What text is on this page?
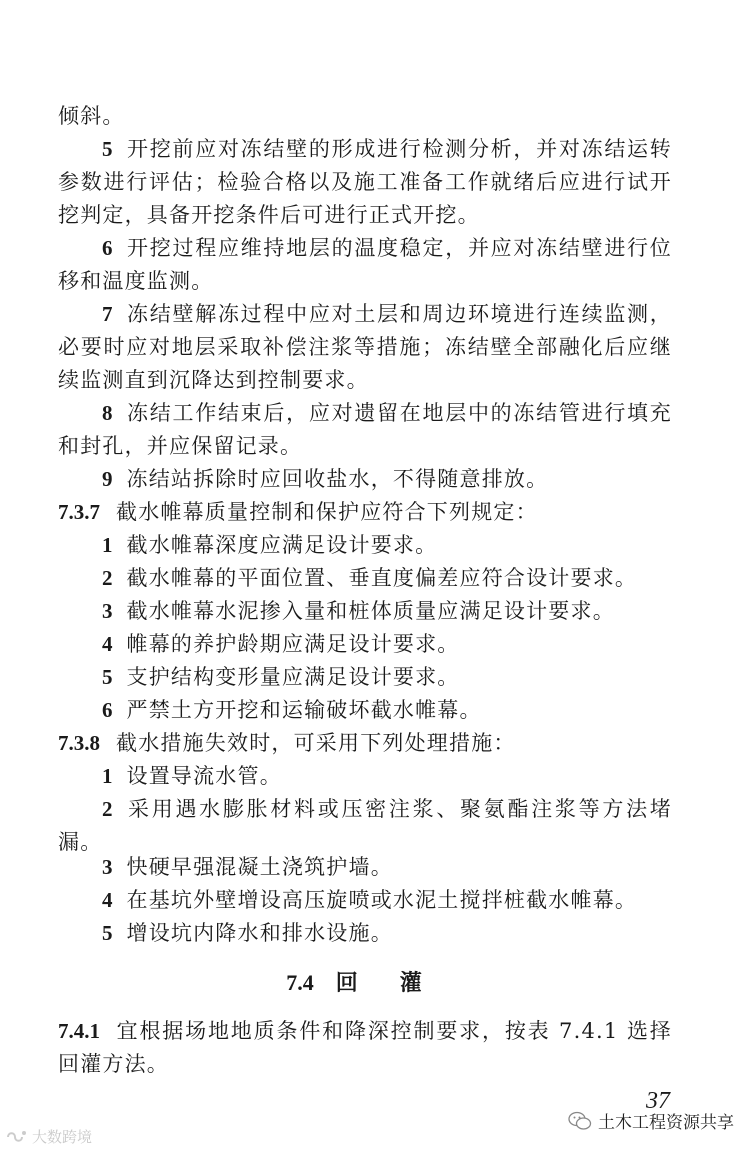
倾斜。

5 开挖前应对冻结壁的形成进行检测分析，并对冻结运转参数进行评估；检验合格以及施工准备工作就绪后应进行试开挖判定，具备开挖条件后可进行正式开挖。

6 开挖过程应维持地层的温度稳定，并应对冻结壁进行位移和温度监测。

7 冻结壁解冻过程中应对土层和周边环境进行连续监测，必要时应对地层采取补偿注浆等措施；冻结壁全部融化后应继续监测直到沉降达到控制要求。

8 冻结工作结束后，应对遗留在地层中的冻结管进行填充和封孔，并应保留记录。

9 冻结站拆除时应回收盐水，不得随意排放。

7.3.7 截水帷幕质量控制和保护应符合下列规定：

1 截水帷幕深度应满足设计要求。

2 截水帷幕的平面位置、垂直度偏差应符合设计要求。

3 截水帷幕水泥掺入量和桩体质量应满足设计要求。

4 帷幕的养护龄期应满足设计要求。

5 支护结构变形量应满足设计要求。

6 严禁土方开挖和运输破坏截水帷幕。

7.3.8 截水措施失效时，可采用下列处理措施：

1 设置导流水管。

2 采用遇水膨胀材料或压密注浆、聚氨酯注浆等方法堵漏。

3 快硬早强混凝土浇筑护墙。

4 在基坑外壁增设高压旋喷或水泥土搅拌桩截水帷幕。

5 增设坑内降水和排水设施。

7.4 回灌

7.4.1 宜根据场地地质条件和降深控制要求，按表 7.4.1 选择回灌方法。

37
土木工程资源共享
大数跨境
